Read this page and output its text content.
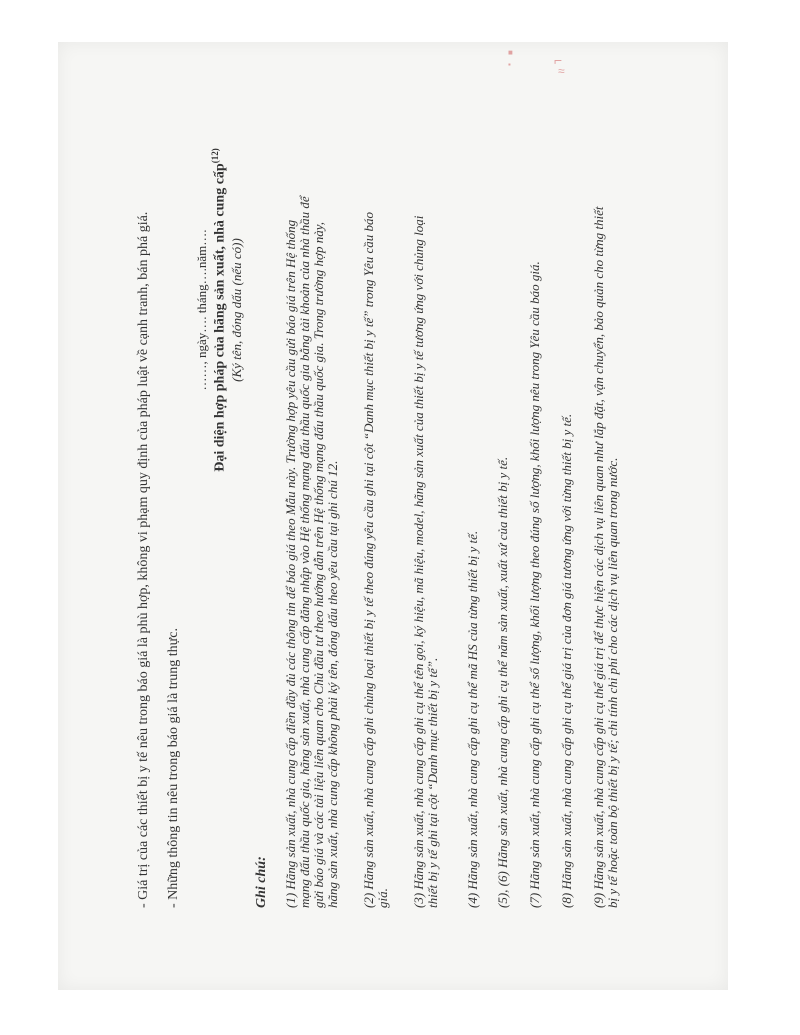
■
▪	⌐
≈
- Giá trị của các thiết bị y tế nêu trong báo giá là phù hợp, không vi phạm quy định của pháp luật về cạnh tranh, bán phá giá. - Những thông tin nêu trong báo giá là trung thực.
……, ngày…. tháng….năm…. Đại diện hợp pháp của hãng sản xuất, nhà cung cấp$^{(12)}$
(Ký tên, đóng dấu (nếu có))
Ghi chú: (1) Hãng sản xuất, nhà cung cấp điền đầy đủ các thông tin để báo giá theo Mẫu này. Trường hợp yêu cầu gửi báo giá trên Hệ thống mạng đấu thầu quốc gia, hãng sản xuất, nhà cung cấp đăng nhập vào Hệ thống mạng đấu thầu quốc gia bằng tài khoản của nhà thầu để gửi báo giá và các tài liệu liên quan cho Chủ đầu tư theo hướng dẫn trên Hệ thống mạng đấu thầu quốc gia. Trong trường hợp này, hãng sản xuất, nhà cung cấp không phải ký tên, đóng dấu theo yêu cầu tại ghi chú 12. (2) Hãng sản xuất, nhà cung cấp ghi chủng loại thiết bị y tế theo đúng yêu cầu ghi tại cột “Danh mục thiết bị y tế” trong Yêu cầu báo giá. (3) Hãng sản xuất, nhà cung cấp ghi cụ thể tên gọi, ký hiệu, mã hiệu, model, hãng sản xuất của thiết bị y tế tương ứng với chủng loại thiết bị y tế ghi tại cột “Danh mục thiết bị y tế”. (4) Hãng sản xuất, nhà cung cấp ghi cụ thể mã HS của từng thiết bị y tế. (5), (6) Hãng sản xuất, nhà cung cấp ghi cụ thể năm sản xuất, xuất xứ của thiết bị y tế. (7) Hãng sản xuất, nhà cung cấp ghi cụ thể số lượng, khối lượng theo đúng số lượng, khối lượng nêu trong Yêu cầu báo giá. (8) Hãng sản xuất, nhà cung cấp ghi cụ thể giá trị của đơn giá tương ứng với từng thiết bị y tế. (9) Hãng sản xuất, nhà cung cấp ghi cụ thể giá trị để thực hiện các dịch vụ liên quan như lắp đặt, vận chuyển, bảo quản cho từng thiết bị y tế hoặc toàn bộ thiết bị y tế; chi tính chi phí cho các dịch vụ liên quan trong nước.
